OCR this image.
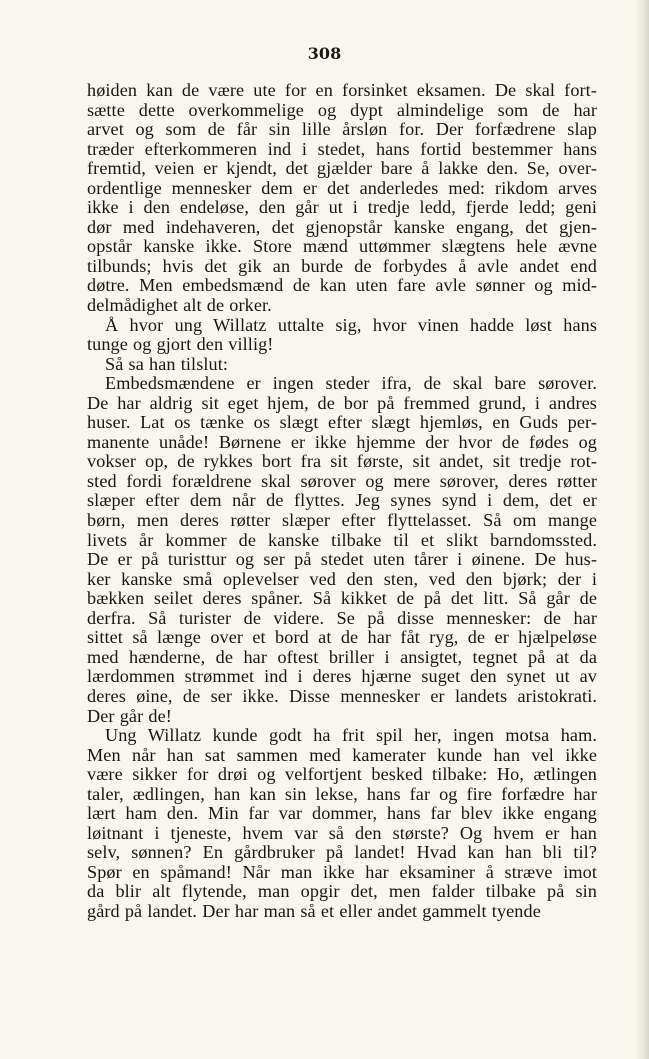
308

høiden kan de være ute for en forsinket eksamen. De skal fort-
sætte dette overkommelige og dypt almindelige som de har
arvet og som de får sin lille årsløn for. Der forfædrene slap
træder efterkommeren ind i stedet, hans fortid bestemmer hans
fremtid, veien er kjendt, det gjælder bare å lakke den. Se, over-
ordentlige mennesker dem er det anderledes med: rikdom arves
ikke i den endeløse, den går ut i tredje ledd, fjerde ledd; geni
dør med indehaveren, det gjenopstår kanske engang, det gjen-
opstår kanske ikke. Store mænd uttømmer slægtens hele ævne
tilbunds; hvis det gik an burde de forbydes å avle andet end
døtre. Men embedsmænd de kan uten fare avle sønner og mid-
delmådighet alt de orker.
Å hvor ung Willatz uttalte sig, hvor vinen hadde løst hans
tunge og gjort den villig!
Så sa han tilslut:
Embedsmændene er ingen steder ifra, de skal bare sørover.
De har aldrig sit eget hjem, de bor på fremmed grund, i andres
huser. Lat os tænke os slægt efter slægt hjemløs, en Guds per-
manente unåde! Børnene er ikke hjemme der hvor de fødes og
vokser op, de rykkes bort fra sit første, sit andet, sit tredje rot-
sted fordi forældrene skal sørover og mere sørover, deres røtter
slæper efter dem når de flyttes. Jeg synes synd i dem, det er
børn, men deres røtter slæper efter flyttelasset. Så om mange
livets år kommer de kanske tilbake til et slikt barndomssted.
De er på turisttur og ser på stedet uten tårer i øinene. De hus-
ker kanske små oplevelser ved den sten, ved den bjørk; der i
bækken seilet deres spåner. Så kikket de på det litt. Så går de
derfra. Så turister de videre. Se på disse mennesker: de har
sittet så længe over et bord at de har fåt ryg, de er hjælpeløse
med hænderne, de har oftest briller i ansigtet, tegnet på at da
lærdommen strømmet ind i deres hjærne suget den synet ut av
deres øine, de ser ikke. Disse mennesker er landets aristokrati.
Der går de!
Ung Willatz kunde godt ha frit spil her, ingen motsa ham.
Men når han sat sammen med kamerater kunde han vel ikke
være sikker for drøi og velfortjent besked tilbake: Ho, ætlingen
taler, ædlingen, han kan sin lekse, hans far og fire forfædre har
lært ham den. Min far var dommer, hans far blev ikke engang
løitnant i tjeneste, hvem var så den største? Og hvem er han
selv, sønnen? En gårdbruker på landet! Hvad kan han bli til?
Spør en spåmand! Når man ikke har eksaminer å stræve imot
da blir alt flytende, man opgir det, men falder tilbake på sin
gård på landet. Der har man så et eller andet gammelt tyende
